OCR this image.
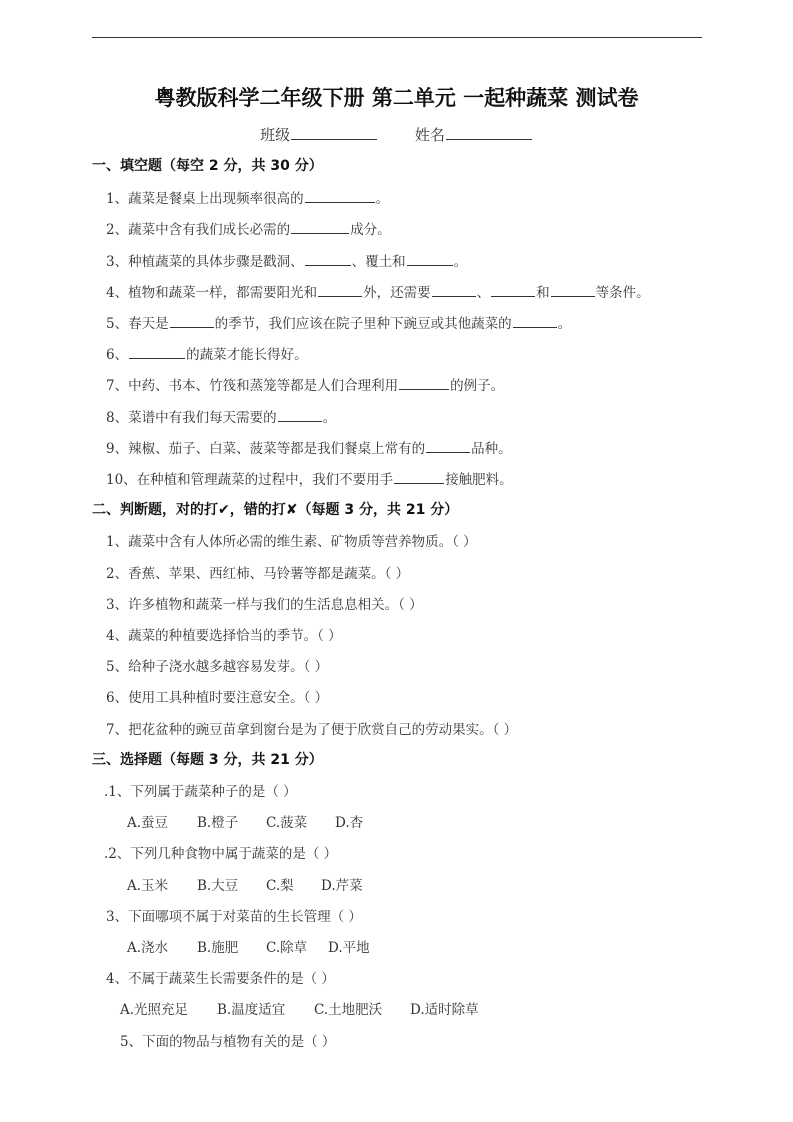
粤教版科学二年级下册 第二单元 一起种蔬菜 测试卷
班级	姓名
一、填空题（每空 2 分，共 30 分）
1、蔬菜是餐桌上出现频率很高的	。
2、蔬菜中含有我们成长必需的	成分。
3、种植蔬菜的具体步骤是戳洞、	、覆土和	。
4、植物和蔬菜一样，都需要阳光和	外，还需要	、	和	等条件。
5、春天是	的季节，我们应该在院子里种下豌豆或其他蔬菜的	。
6、	的蔬菜才能长得好。
7、中药、书本、竹筏和蒸笼等都是人们合理利用	的例子。
8、菜谱中有我们每天需要的	。
9、辣椒、茄子、白菜、菠菜等都是我们餐桌上常有的	品种。
10、在种植和管理蔬菜的过程中，我们不要用手	接触肥料。
二、判断题，对的打✔，错的打✘（每题 3 分，共 21 分）
1、蔬菜中含有人体所必需的维生素、矿物质等营养物质。（ ）
2、香蕉、苹果、西红柿、马铃薯等都是蔬菜。（ ）
3、许多植物和蔬菜一样与我们的生活息息相关。（ ）
4、蔬菜的种植要选择恰当的季节。（ ）
5、给种子浇水越多越容易发芽。（ ）
6、使用工具种植时要注意安全。（ ）
7、把花盆种的豌豆苗拿到窗台是为了便于欣赏自己的劳动果实。（ ）
三、选择题（每题 3 分，共 21 分）
.1、下列属于蔬菜种子的是（ ）
A.蚕豆 B.橙子 C.菠菜 D.杏
.2、下列几种食物中属于蔬菜的是（ ）
A.玉米 B.大豆 C.梨 D.芹菜
3、下面哪项不属于对菜苗的生长管理（ ）
A.浇水 B.施肥 C.除草 D.平地
4、不属于蔬菜生长需要条件的是（ ）
A.光照充足 B.温度适宜 C.土地肥沃 D.适时除草
5、下面的物品与植物有关的是（ ）
